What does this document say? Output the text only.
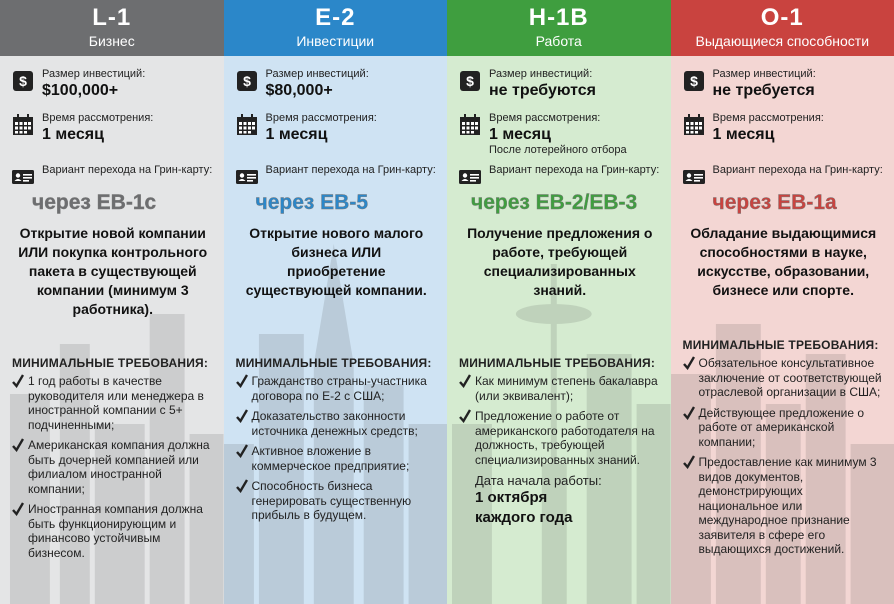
L-1
Бизнес
$ Размер инвестиций:
$100,000+
Время рассмотрения:
1 месяц
Вариант перехода на Грин-карту:
через EB-1c
Открытие новой компании ИЛИ покупка контрольного пакета в существующей компании (минимум 3 работника).
МИНИМАЛЬНЫЕ ТРЕБОВАНИЯ:
1 год работы в качестве руководителя или менеджера в иностранной компании с 5+ подчиненными;
Американская компания должна быть дочерней компанией или филиалом иностранной компании;
Иностранная компания должна быть функционирующим и финансово устойчивым бизнесом.
E-2
Инвестиции
$ Размер инвестиций:
$80,000+
Время рассмотрения:
1 месяц
Вариант перехода на Грин-карту:
через EB-5
Открытие нового малого бизнеса ИЛИ приобретение существующей компании.
МИНИМАЛЬНЫЕ ТРЕБОВАНИЯ:
Гражданство страны-участника договора по E-2 с США;
Доказательство законности источника денежных средств;
Активное вложение в коммерческое предприятие;
Способность бизнеса генерировать существенную прибыль в будущем.
H-1B
Работа
$ Размер инвестиций:
не требуются
Время рассмотрения:
1 месяц
После лотерейного отбора
Вариант перехода на Грин-карту:
через EB-2/EB-3
Получение предложения о работе, требующей специализированных знаний.
МИНИМАЛЬНЫЕ ТРЕБОВАНИЯ:
Как минимум степень бакалавра (или эквивалент);
Предложение о работе от американского работодателя на должность, требующей специализированных знаний.
Дата начала работы:
1 октября каждого года
O-1
Выдающиеся способности
$ Размер инвестиций:
не требуется
Время рассмотрения:
1 месяц
Вариант перехода на Грин-карту:
через EB-1a
Обладание выдающимися способностями в науке, искусстве, образовании, бизнесе или спорте.
МИНИМАЛЬНЫЕ ТРЕБОВАНИЯ:
Обязательное консультативное заключение от соответствующей отраслевой организации в США;
Действующее предложение о работе от американской компании;
Предоставление как минимум 3 видов документов, демонстрирующих национальное или международное признание заявителя в сфере его выдающихся достижений.
